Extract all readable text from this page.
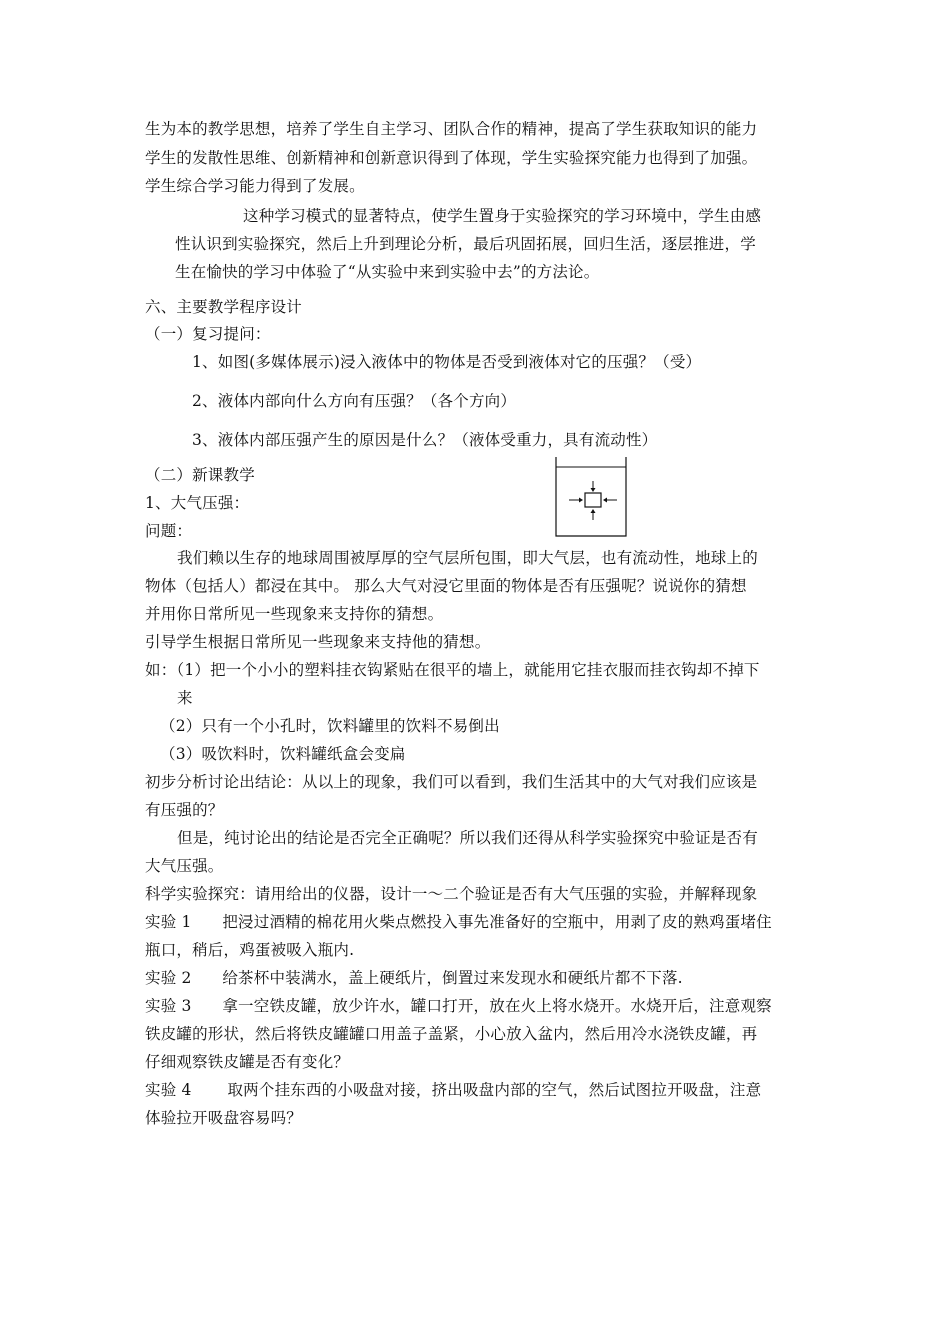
生为本的教学思想，培养了学生自主学习、团队合作的精神，提高了学生获取知识的能力
学生的发散性思维、创新精神和创新意识得到了体现，学生实验探究能力也得到了加强。
学生综合学习能力得到了发展。
这种学习模式的显著特点，使学生置身于实验探究的学习环境中，学生由感
性认识到实验探究，然后上升到理论分析，最后巩固拓展，回归生活，逐层推进，学
生在愉快的学习中体验了“从实验中来到实验中去”的方法论。
六、主要教学程序设计
（一）复习提问：
1、如图(多媒体展示)浸入液体中的物体是否受到液体对它的压强？（受）
2、液体内部向什么方向有压强？（各个方向）
3、液体内部压强产生的原因是什么？（液体受重力，具有流动性）
（二）新课教学
1、大气压强：
问题：
我们赖以生存的地球周围被厚厚的空气层所包围，即大气层，也有流动性，地球上的
物体（包括人）都浸在其中。 那么大气对浸它里面的物体是否有压强呢？说说你的猜想
并用你日常所见一些现象来支持你的猜想。
引导学生根据日常所见一些现象来支持他的猜想。
如：（1）把一个小小的塑料挂衣钩紧贴在很平的墙上，就能用它挂衣服而挂衣钩却不掉下
来
（2）只有一个小孔时，饮料罐里的饮料不易倒出
（3）吸饮料时，饮料罐纸盒会变扁
初步分析讨论出结论：从以上的现象，我们可以看到，我们生活其中的大气对我们应该是
有压强的？
但是，纯讨论出的结论是否完全正确呢？所以我们还得从科学实验探究中验证是否有
大气压强。
科学实验探究：请用给出的仪器，设计一～二个验证是否有大气压强的实验，并解释现象
实验 1      把浸过酒精的棉花用火柴点燃投入事先准备好的空瓶中，用剥了皮的熟鸡蛋堵住
瓶口，稍后，鸡蛋被吸入瓶内.
实验 2      给茶杯中装满水，盖上硬纸片，倒置过来发现水和硬纸片都不下落.
实验 3      拿一空铁皮罐，放少许水，罐口打开，放在火上将水烧开。水烧开后，注意观察
铁皮罐的形状，然后将铁皮罐罐口用盖子盖紧，小心放入盆内，然后用冷水浇铁皮罐，再
仔细观察铁皮罐是否有变化？
实验 4       取两个挂东西的小吸盘对接，挤出吸盘内部的空气，然后试图拉开吸盘，注意
体验拉开吸盘容易吗？
